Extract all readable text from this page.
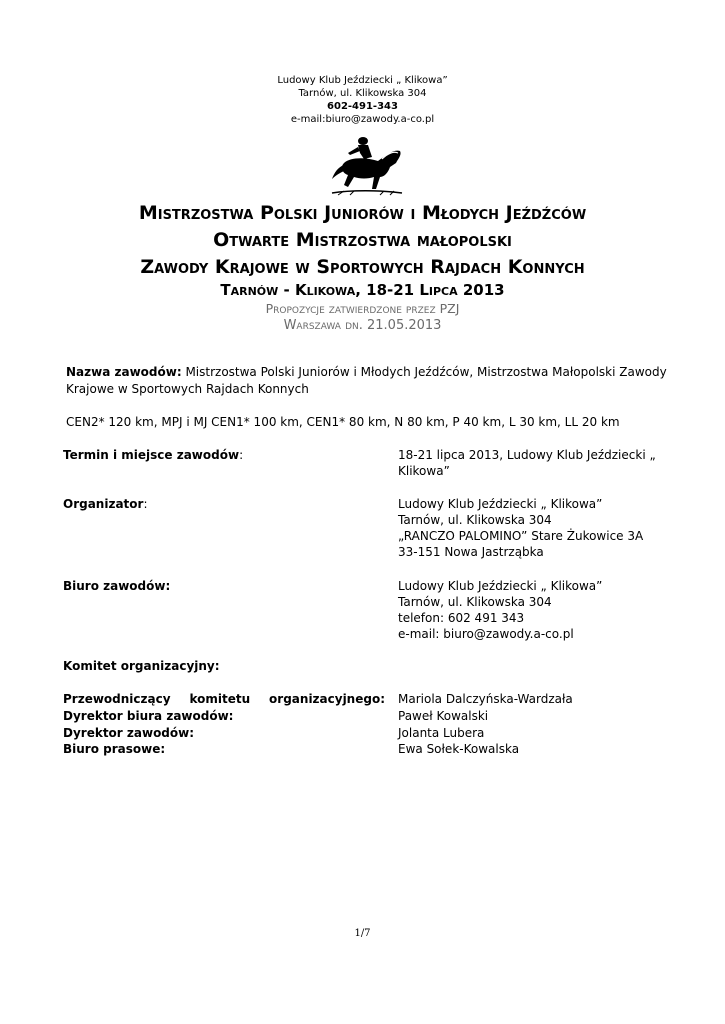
Ludowy Klub Jeździecki „ Klikowa”
Tarnów, ul. Klikowska 304
602-491-343
e-mail:biuro@zawody.a-co.pl
Mistrzostwa Polski Juniorów i Młodych Jeźdźców
Otwarte Mistrzostwa małopolski
Zawody Krajowe w Sportowych Rajdach Konnych
Tarnów - Klikowa, 18-21 Lipca 2013
Propozycje zatwierdzone przez PZJ
Warszawa dn. 21.05.2013
Nazwa zawodów: Mistrzostwa Polski Juniorów i Młodych Jeźdźców, Mistrzostwa Małopolski Zawody Krajowe w Sportowych Rajdach Konnych
CEN2* 120 km, MPJ i MJ CEN1* 100 km, CEN1* 80 km, N 80 km, P 40 km, L 30 km, LL 20 km
Termin i miejsce zawodów:	18-21 lipca 2013, Ludowy Klub Jeździecki „
Klikowa”
Organizator:	Ludowy Klub Jeździecki „ Klikowa”
Tarnów, ul. Klikowska 304
„RANCZO PALOMINO” Stare Żukowice 3A
33-151 Nowa Jastrząbka
Biuro zawodów:	Ludowy Klub Jeździecki „ Klikowa”
Tarnów, ul. Klikowska 304
telefon: 602 491 343
e-mail: biuro@zawody.a-co.pl
Komitet organizacyjny:
Przewodniczący komitetu organizacyjnego: Mariola Dalczyńska-Wardzała
Dyrektor biura zawodów:	Paweł Kowalski
Dyrektor zawodów:	Jolanta Lubera
Biuro prasowe:	Ewa Sołek-Kowalska
1/7
